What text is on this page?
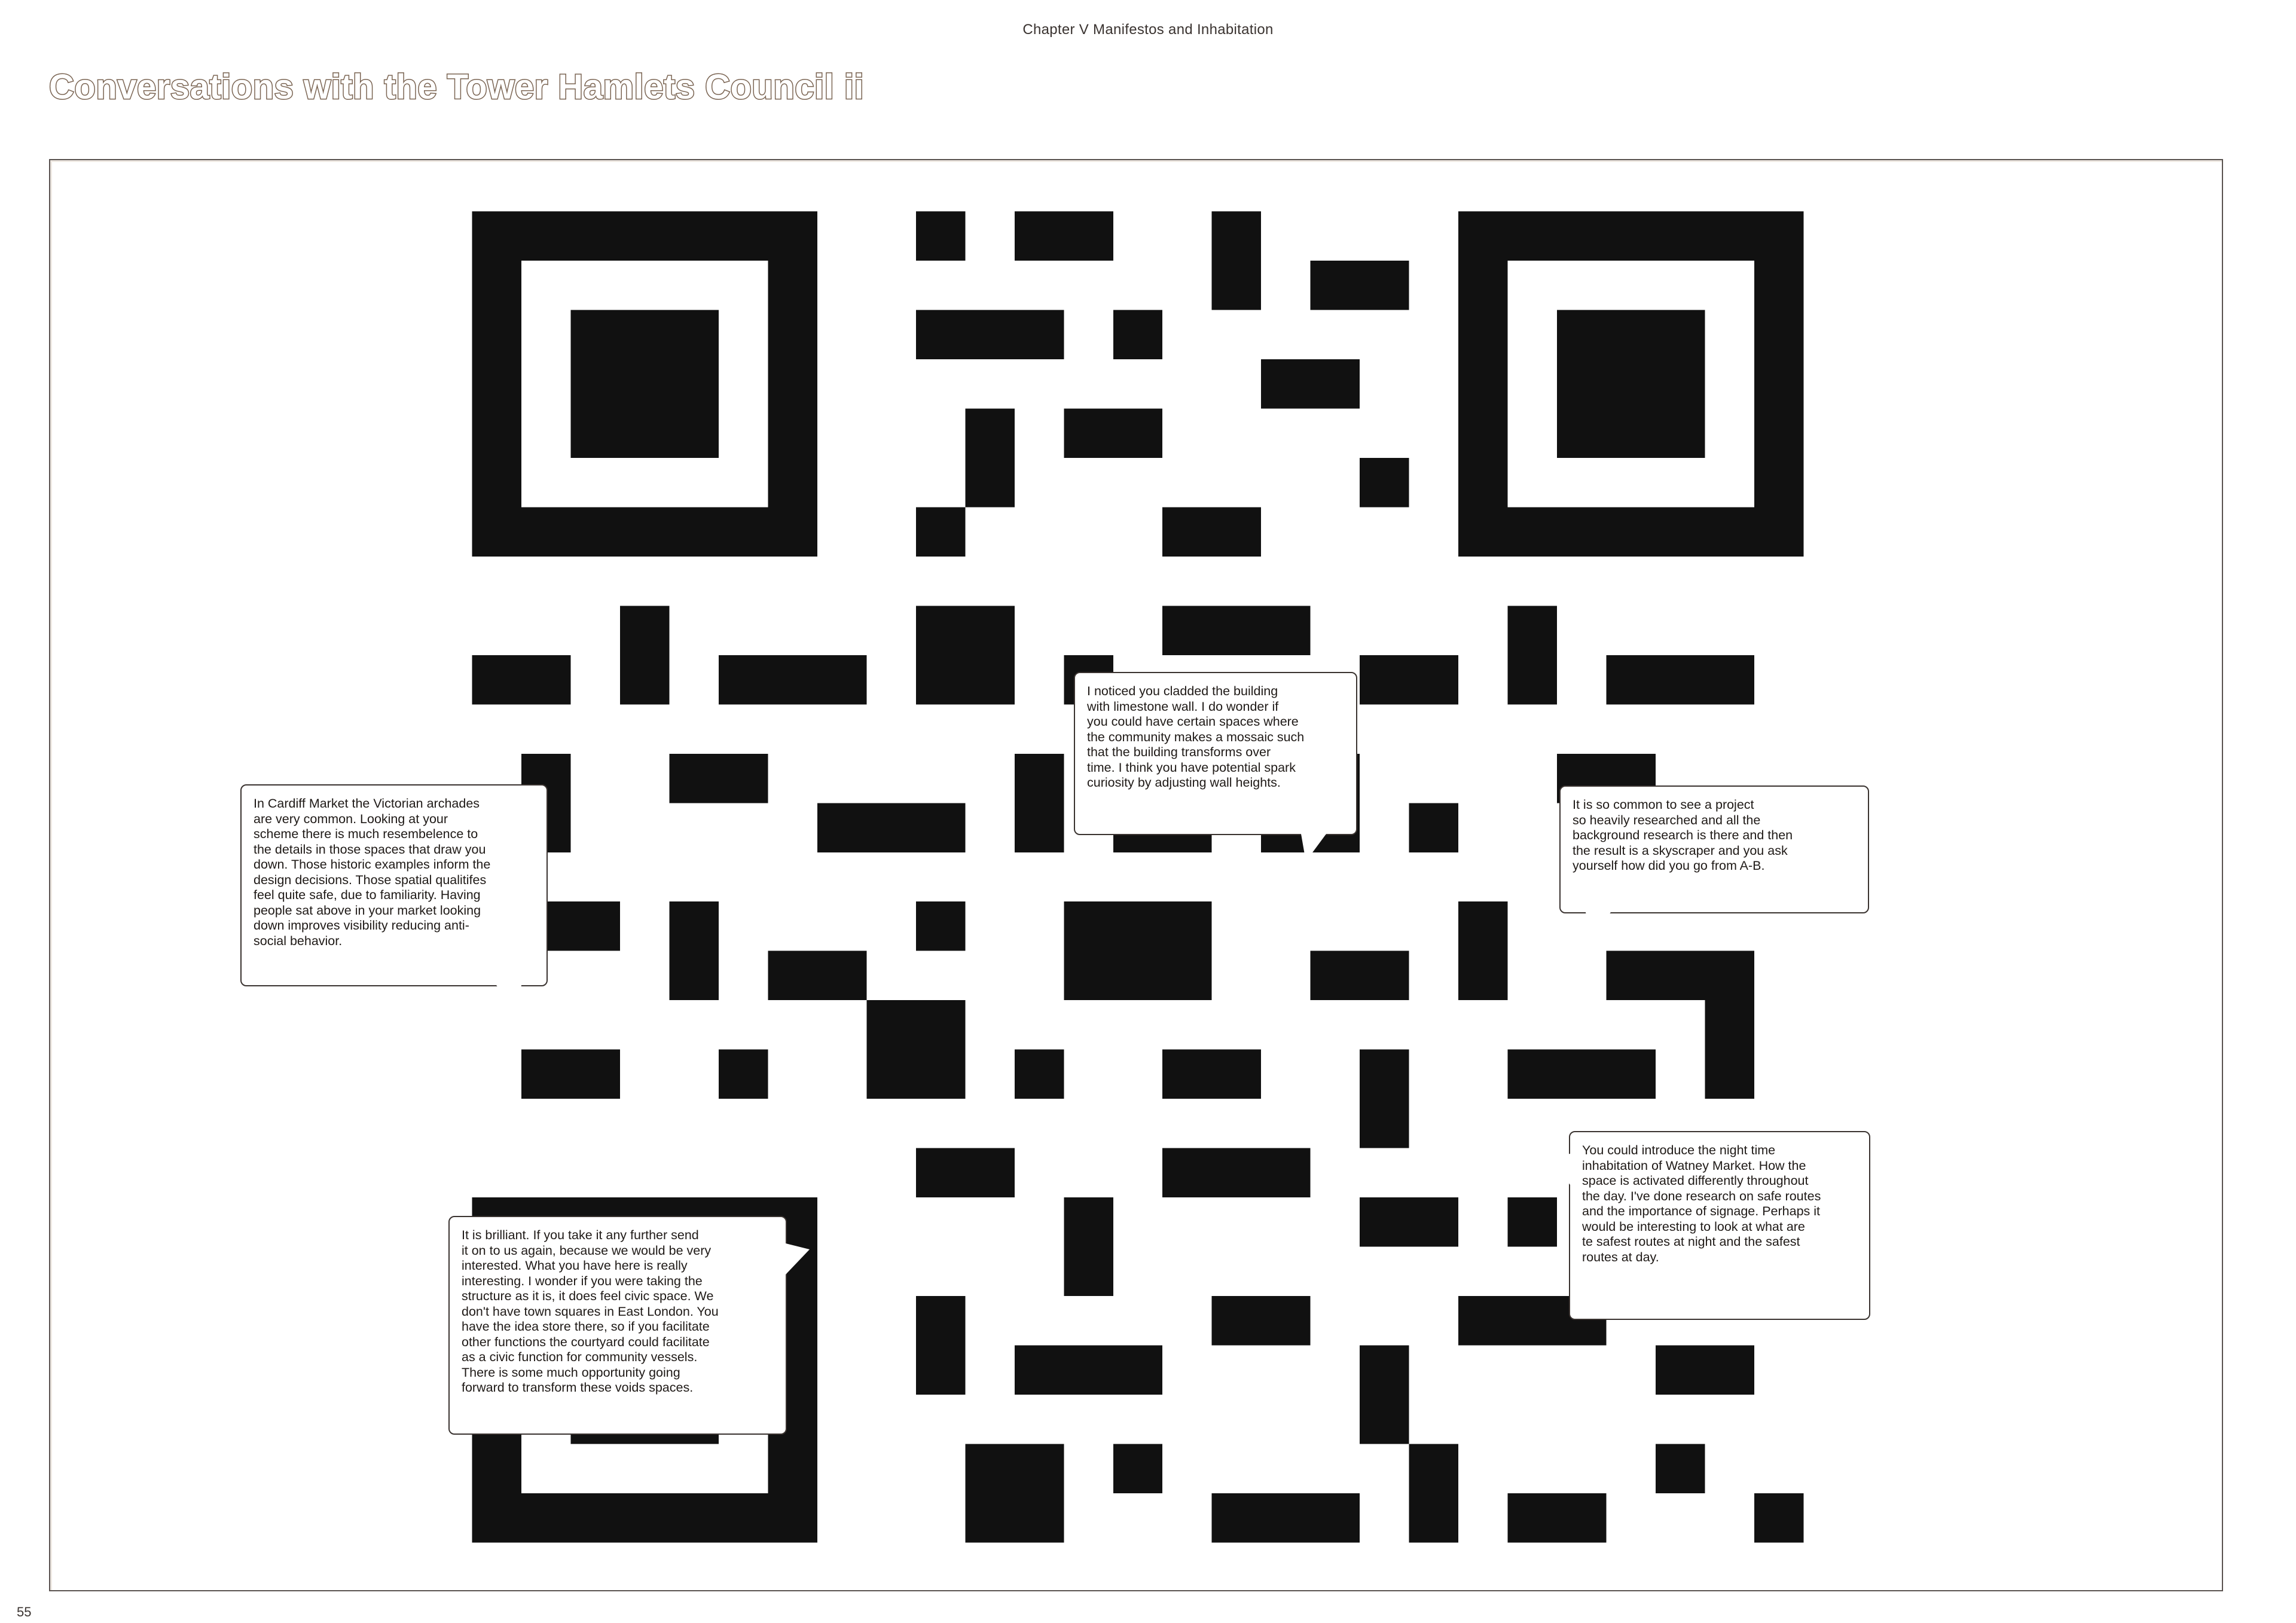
Chapter V Manifestos and Inhabitation
Conversations with the Tower Hamlets Council ii
Full presentation:
https://on.soundcloud.
com/8GfbWcrWq86M4ZsG9

In Cardiff Market the Victorian archades
are very common. Looking at your
scheme there is much resembelence to
the details in those spaces that draw you
down. Those historic examples inform the
design decisions. Those spatial qualitifes
feel quite safe, due to familiarity. Having
people sat above in your market looking
down improves visibility reducing anti-
social behavior.

I noticed you cladded the building
with limestone wall. I do wonder if
you could have certain spaces where
the community makes a mossaic such
that the building transforms over
time. I think you have potential spark
curiosity by adjusting wall heights.

It is so common to see a project
so heavily researched and all the
background research is there and then
the result is a skyscraper and you ask
yourself how did you go from A-B.

It is brilliant. If you take it any further send
it on to us again, because we would be very
interested. What you have here is really
interesting. I wonder if you were taking the
structure as it is, it does feel civic space. We
don't have town squares in East London. You
have the idea store there, so if you facilitate
other functions the courtyard could facilitate
as a civic function for community vessels.
There is some much opportunity going
forward to transform these voids spaces.

You could introduce the night time
inhabitation of Watney Market. How the
space is activated differently throughout
the day. I've done research on safe routes
and the importance of signage. Perhaps it
would be interesting to look at what are
te safest routes at night and the safest
routes at day.

55
